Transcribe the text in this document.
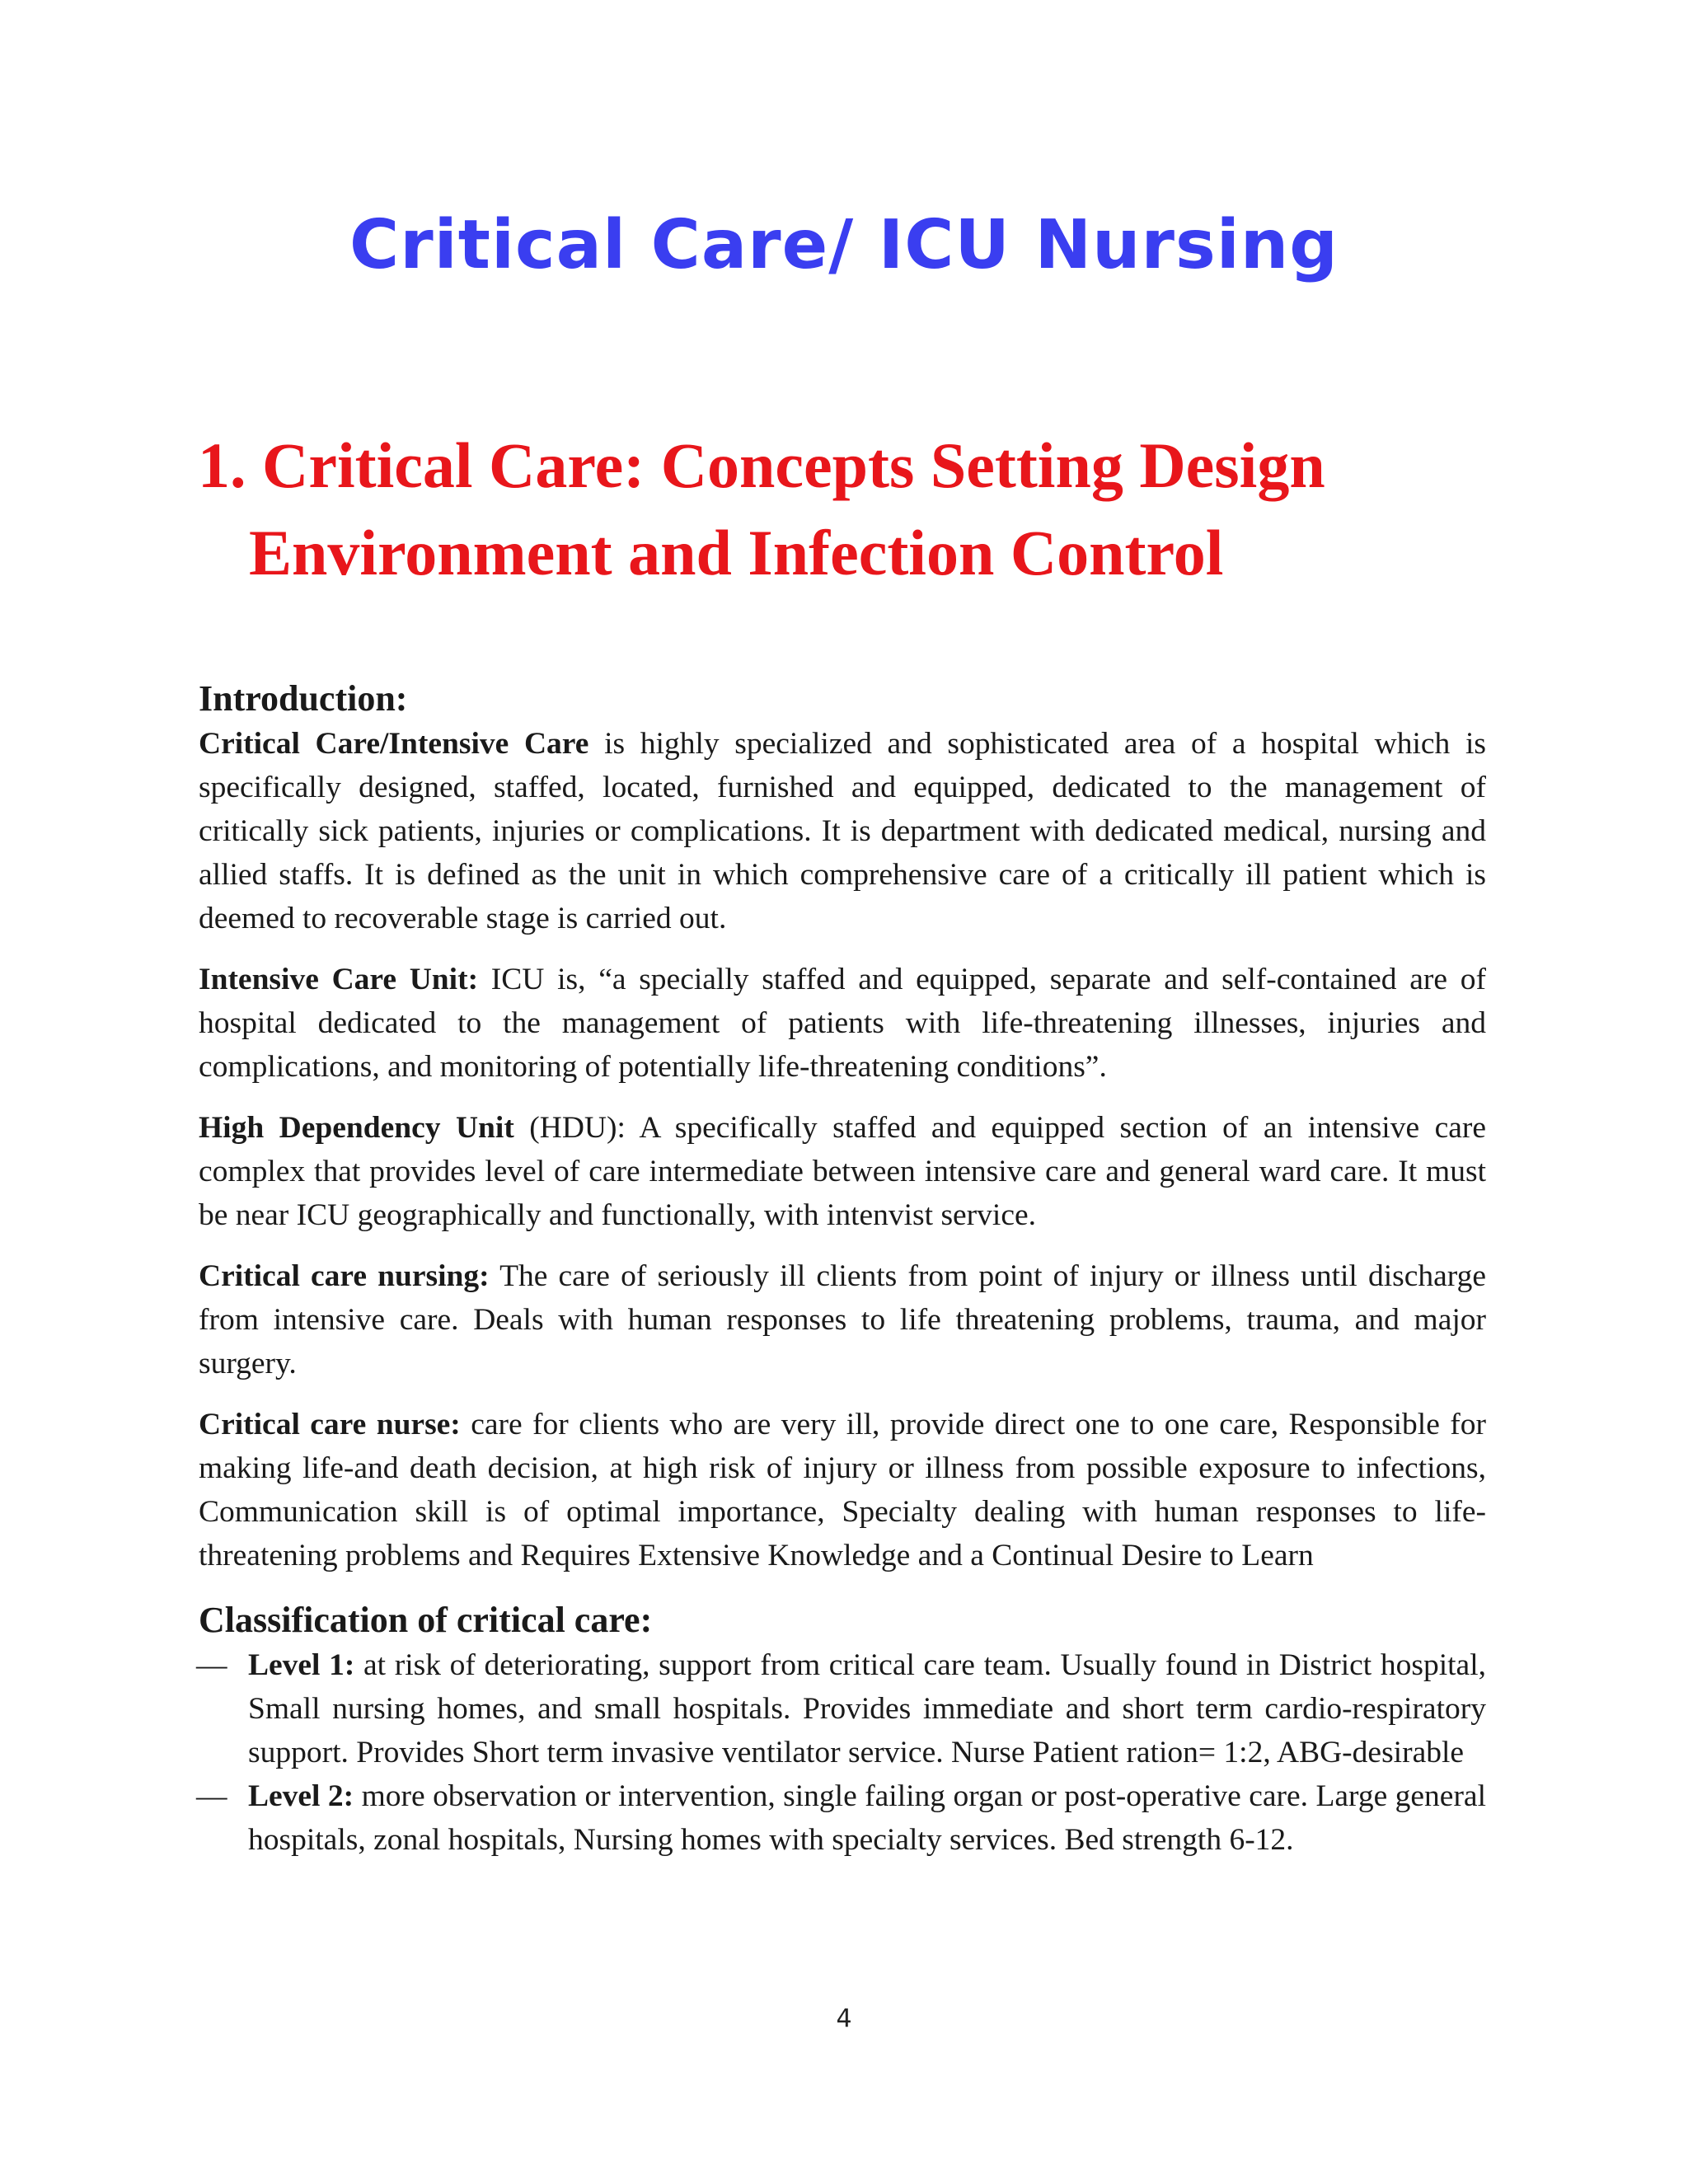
Critical Care/ ICU Nursing
1. Critical Care: Concepts Setting Design
Environment and Infection Control
Introduction:

Critical Care/Intensive Care is highly specialized and sophisticated area of a hospital which is specifically designed, staffed, located, furnished and equipped, dedicated to the management of critically sick patients, injuries or complications. It is department with dedicated medical, nursing and allied staffs. It is defined as the unit in which comprehensive care of a critically ill patient which is deemed to recoverable stage is carried out.

Intensive Care Unit: ICU is, “a specially staffed and equipped, separate and self-contained are of hospital dedicated to the management of patients with life-threatening illnesses, injuries and complications, and monitoring of potentially life-threatening conditions”.

High Dependency Unit (HDU): A specifically staffed and equipped section of an intensive care complex that provides level of care intermediate between intensive care and general ward care. It must be near ICU geographically and functionally, with intenvist service.

Critical care nursing: The care of seriously ill clients from point of injury or illness until discharge from intensive care. Deals with human responses to life threatening problems, trauma, and major surgery.

Critical care nurse: care for clients who are very ill, provide direct one to one care, Responsible for making life-and death decision, at high risk of injury or illness from possible exposure to infections, Communication skill is of optimal importance, Specialty dealing with human responses to life-threatening problems and Requires Extensive Knowledge and a Continual Desire to Learn

Classification of critical care:
— Level 1: at risk of deteriorating, support from critical care team. Usually found in District hospital, Small nursing homes, and small hospitals. Provides immediate and short term cardio-respiratory support. Provides Short term invasive ventilator service. Nurse Patient ration= 1:2, ABG-desirable
— Level 2: more observation or intervention, single failing organ or post-operative care. Large general hospitals, zonal hospitals, Nursing homes with specialty services. Bed strength 6-12.
4
